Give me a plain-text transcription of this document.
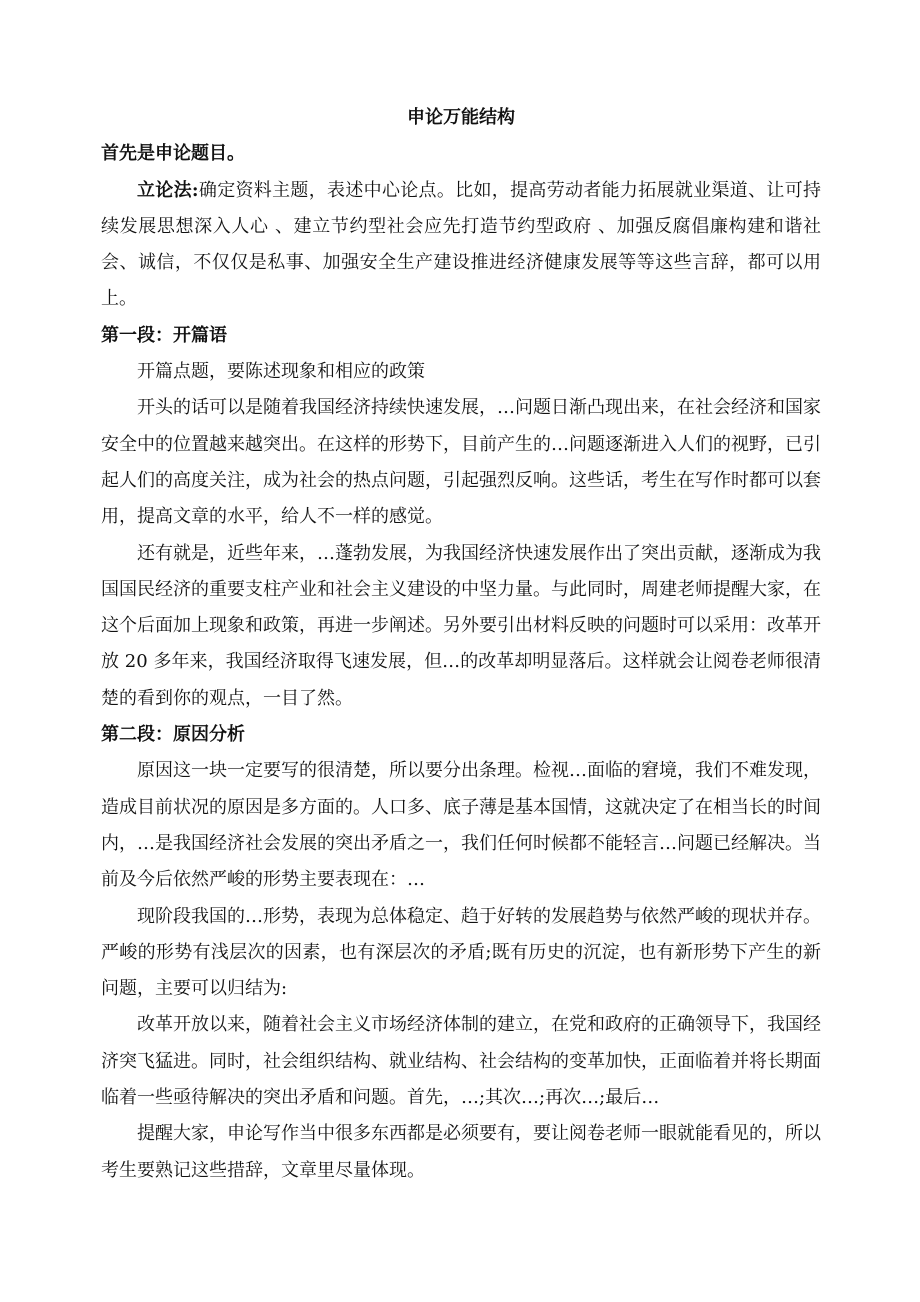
申论万能结构
首先是申论题目。
立论法:确定资料主题，表述中心论点。比如，提高劳动者能力拓展就业渠道、让可持续发展思想深入人心 、建立节约型社会应先打造节约型政府 、加强反腐倡廉构建和谐社会、诚信，不仅仅是私事、加强安全生产建设推进经济健康发展等等这些言辞，都可以用上。
第一段：开篇语
开篇点题，要陈述现象和相应的政策
开头的话可以是随着我国经济持续快速发展，…问题日渐凸现出来，在社会经济和国家安全中的位置越来越突出。在这样的形势下，目前产生的…问题逐渐进入人们的视野，已引起人们的高度关注，成为社会的热点问题，引起强烈反响。这些话，考生在写作时都可以套用，提高文章的水平，给人不一样的感觉。
还有就是，近些年来，…蓬勃发展，为我国经济快速发展作出了突出贡献，逐渐成为我国国民经济的重要支柱产业和社会主义建设的中坚力量。与此同时，周建老师提醒大家，在这个后面加上现象和政策，再进一步阐述。另外要引出材料反映的问题时可以采用：改革开放 20 多年来，我国经济取得飞速发展，但…的改革却明显落后。这样就会让阅卷老师很清楚的看到你的观点，一目了然。
第二段：原因分析
原因这一块一定要写的很清楚，所以要分出条理。检视…面临的窘境，我们不难发现，造成目前状况的原因是多方面的。人口多、底子薄是基本国情，这就决定了在相当长的时间内，…是我国经济社会发展的突出矛盾之一，我们任何时候都不能轻言…问题已经解决。当前及今后依然严峻的形势主要表现在：…
现阶段我国的…形势，表现为总体稳定、趋于好转的发展趋势与依然严峻的现状并存。严峻的形势有浅层次的因素，也有深层次的矛盾;既有历史的沉淀，也有新形势下产生的新问题，主要可以归结为:
改革开放以来，随着社会主义市场经济体制的建立，在党和政府的正确领导下，我国经济突飞猛进。同时，社会组织结构、就业结构、社会结构的变革加快，正面临着并将长期面临着一些亟待解决的突出矛盾和问题。首先，…;其次…;再次…;最后…
提醒大家，申论写作当中很多东西都是必须要有，要让阅卷老师一眼就能看见的，所以考生要熟记这些措辞，文章里尽量体现。
